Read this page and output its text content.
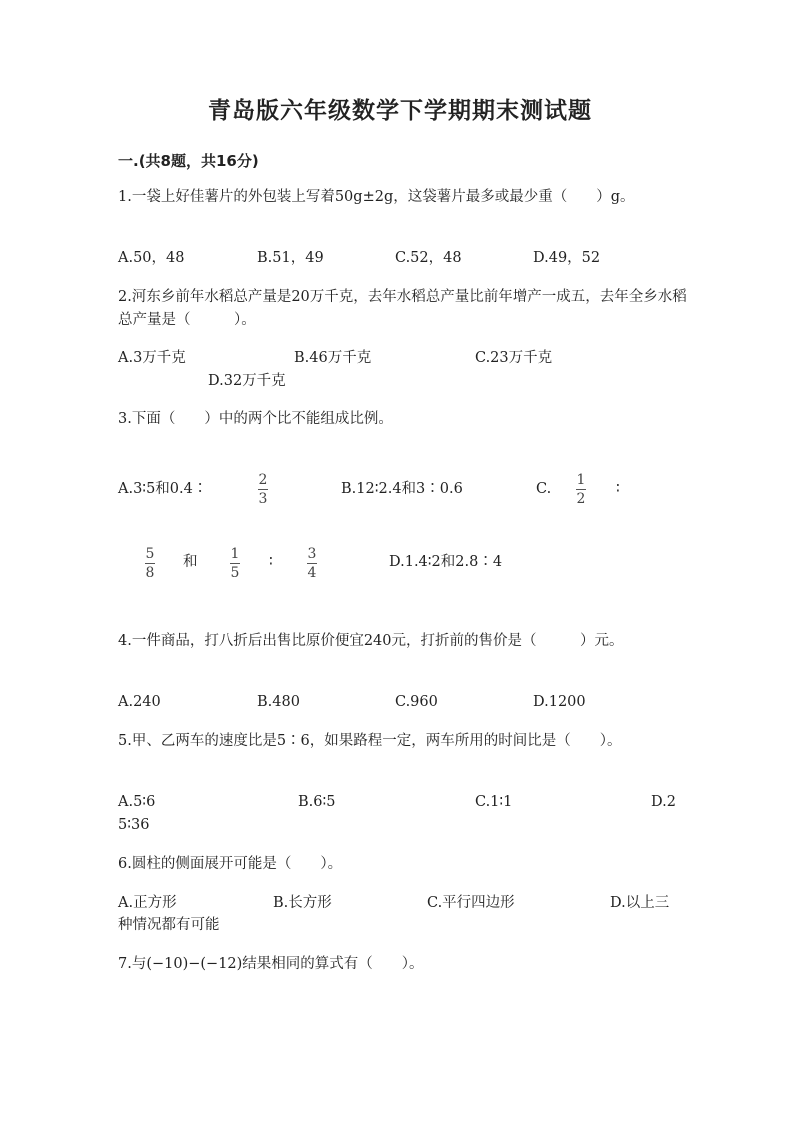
青岛版六年级数学下学期期末测试题
一.(共8题，共16分)
1.一袋上好佳薯片的外包装上写着50g±2g，这袋薯片最多或最少重（　　）g。
A.50，48	B.51，49	C.52，48	D.49，52
2.河东乡前年水稻总产量是20万千克，去年水稻总产量比前年增产一成五，去年全乡水稻总产量是（　　　）。
A.3万千克	B.46万千克	C.23万千克
D.32万千克
3.下面（　　）中的两个比不能组成比例。
A.3∶5和0.4∶
2
3
B.12∶2.4和3∶0.6	C.
1
2
∶
5
8
和 1
5
∶ 3
4
D.1.4∶2和2.8∶4
4.一件商品，打八折后出售比原价便宜240元，打折前的售价是（　　　）元。
A.240	B.480	C.960	D.1200
5.甲、乙两车的速度比是5∶6，如果路程一定，两车所用的时间比是（　　）。
A.5∶6	B.6∶5	C.1∶1	D.2
5∶36
6.圆柱的侧面展开可能是（　　）。
A.正方形	B.长方形	C.平行四边形	D.以上三
种情况都有可能
7.与(−10)−(−12)结果相同的算式有（　　）。
